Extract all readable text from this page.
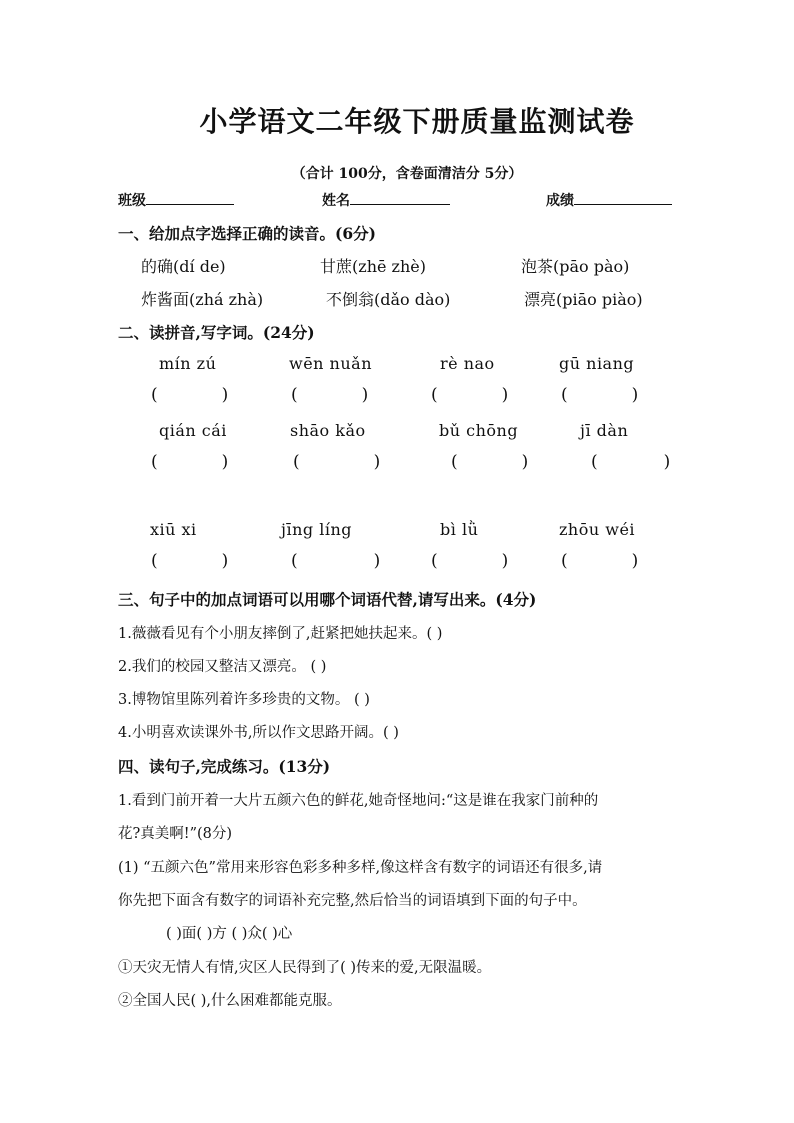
小学语文二年级下册质量监测试卷
（合计 100分，含卷面清洁分 5分）
班级	姓名	成绩
一、给加点字选择正确的读音。(6分)
的确(dí de)	甘蔗(zhē zhè)	泡茶(pāo pào)
炸酱面(zhá zhà)	不倒翁(dǎo dào)	漂亮(piāo piào)
二、读拼音,写字词。(24分)
mín zú	wēn nuǎn	rè nao	gū niang
(	)	(	)	(	)	(	)
qián cái	shāo kǎo	bǔ chōng	jī dàn
(	)	(	)	(	)	(	)
xiū xi	jīng líng	bì lǜ	zhōu wéi
(	)	(	)	(	)	(	)
三、句子中的加点词语可以用哪个词语代替,请写出来。(4分)
1.薇薇看见有个小朋友摔倒了,赶紧把她扶起来。( )
2.我们的校园又整洁又漂亮。 ( )
3.博物馆里陈列着许多珍贵的文物。 ( )
4.小明喜欢读课外书,所以作文思路开阔。( )
四、读句子,完成练习。(13分)
1.看到门前开着一大片五颜六色的鲜花,她奇怪地问:“这是谁在我家门前种的
花?真美啊!”(8分)
(1) “五颜六色”常用来形容色彩多种多样,像这样含有数字的词语还有很多,请
你先把下面含有数字的词语补充完整,然后恰当的词语填到下面的句子中。
( )面( )方 ( )众( )心
①天灾无情人有情,灾区人民得到了( )传来的爱,无限温暖。
②全国人民( ),什么困难都能克服。
